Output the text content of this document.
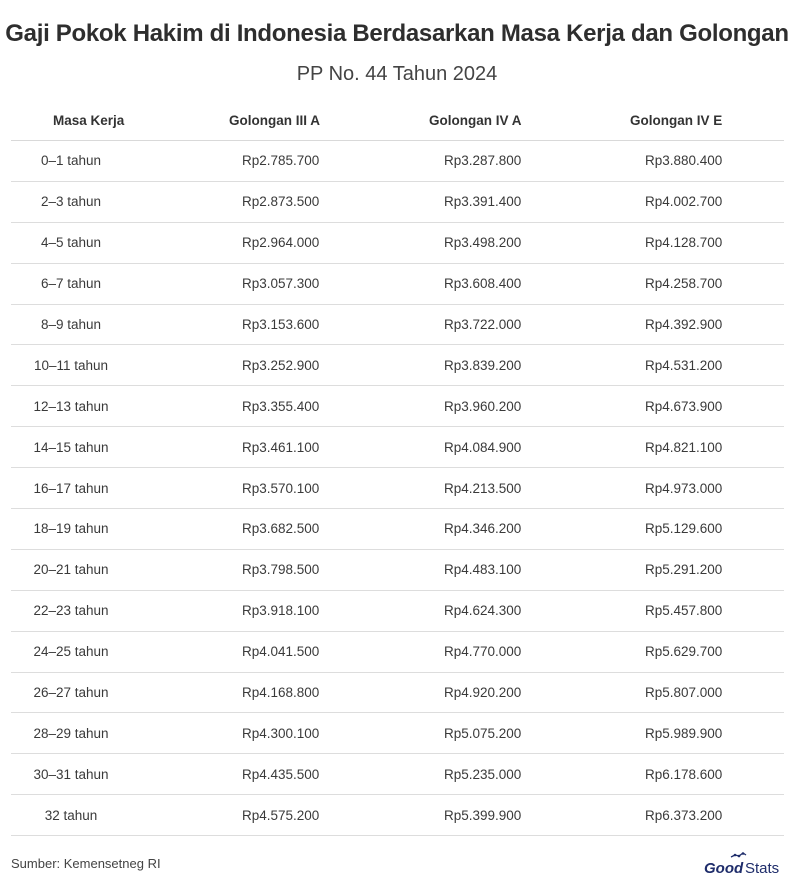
Gaji Pokok Hakim di Indonesia Berdasarkan Masa Kerja dan Golongan
PP No. 44 Tahun 2024
Masa Kerja	Golongan III A	Golongan IV A	Golongan IV E
0–1 tahun	Rp2.785.700	Rp3.287.800	Rp3.880.400
2–3 tahun	Rp2.873.500	Rp3.391.400	Rp4.002.700
4–5 tahun	Rp2.964.000	Rp3.498.200	Rp4.128.700
6–7 tahun	Rp3.057.300	Rp3.608.400	Rp4.258.700
8–9 tahun	Rp3.153.600	Rp3.722.000	Rp4.392.900
10–11 tahun	Rp3.252.900	Rp3.839.200	Rp4.531.200
12–13 tahun	Rp3.355.400	Rp3.960.200	Rp4.673.900
14–15 tahun	Rp3.461.100	Rp4.084.900	Rp4.821.100
16–17 tahun	Rp3.570.100	Rp4.213.500	Rp4.973.000
18–19 tahun	Rp3.682.500	Rp4.346.200	Rp5.129.600
20–21 tahun	Rp3.798.500	Rp4.483.100	Rp5.291.200
22–23 tahun	Rp3.918.100	Rp4.624.300	Rp5.457.800
24–25 tahun	Rp4.041.500	Rp4.770.000	Rp5.629.700
26–27 tahun	Rp4.168.800	Rp4.920.200	Rp5.807.000
28–29 tahun	Rp4.300.100	Rp5.075.200	Rp5.989.900
30–31 tahun	Rp4.435.500	Rp5.235.000	Rp6.178.600
32 tahun	Rp4.575.200	Rp5.399.900	Rp6.373.200
Sumber: Kemensetneg RI	Good Stats
